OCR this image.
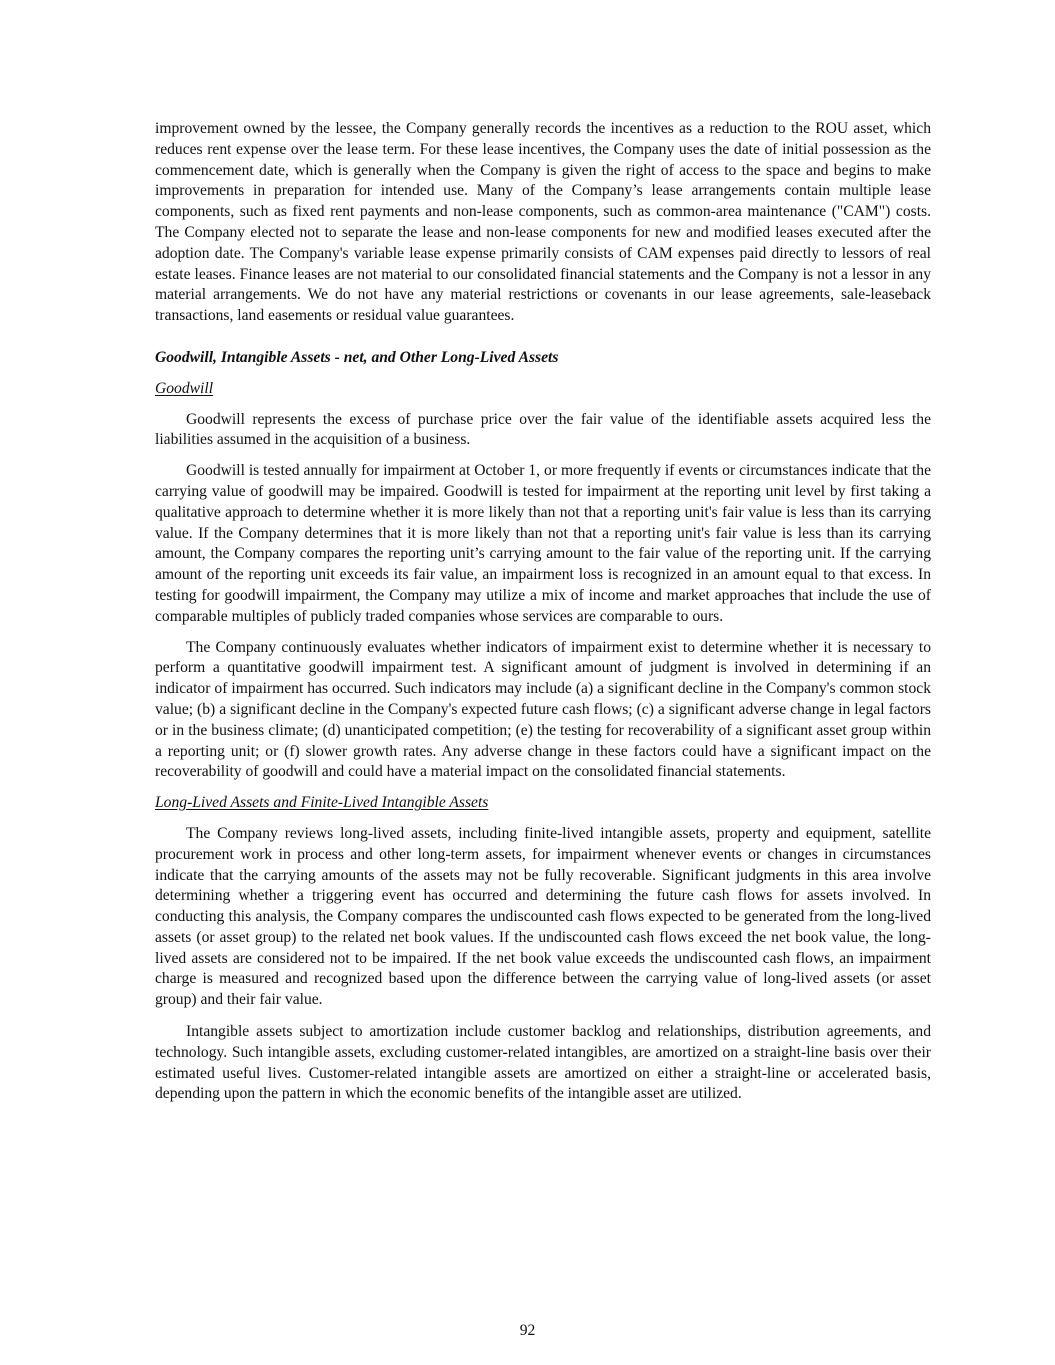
improvement owned by the lessee, the Company generally records the incentives as a reduction to the ROU asset, which reduces rent expense over the lease term. For these lease incentives, the Company uses the date of initial possession as the commencement date, which is generally when the Company is given the right of access to the space and begins to make improvements in preparation for intended use. Many of the Company’s lease arrangements contain multiple lease components, such as fixed rent payments and non-lease components, such as common-area maintenance ("CAM") costs. The Company elected not to separate the lease and non-lease components for new and modified leases executed after the adoption date. The Company's variable lease expense primarily consists of CAM expenses paid directly to lessors of real estate leases. Finance leases are not material to our consolidated financial statements and the Company is not a lessor in any material arrangements. We do not have any material restrictions or covenants in our lease agreements, sale-leaseback transactions, land easements or residual value guarantees.

Goodwill, Intangible Assets - net, and Other Long-Lived Assets

Goodwill

Goodwill represents the excess of purchase price over the fair value of the identifiable assets acquired less the liabilities assumed in the acquisition of a business.

Goodwill is tested annually for impairment at October 1, or more frequently if events or circumstances indicate that the carrying value of goodwill may be impaired. Goodwill is tested for impairment at the reporting unit level by first taking a qualitative approach to determine whether it is more likely than not that a reporting unit's fair value is less than its carrying value. If the Company determines that it is more likely than not that a reporting unit's fair value is less than its carrying amount, the Company compares the reporting unit’s carrying amount to the fair value of the reporting unit. If the carrying amount of the reporting unit exceeds its fair value, an impairment loss is recognized in an amount equal to that excess. In testing for goodwill impairment, the Company may utilize a mix of income and market approaches that include the use of comparable multiples of publicly traded companies whose services are comparable to ours.

The Company continuously evaluates whether indicators of impairment exist to determine whether it is necessary to perform a quantitative goodwill impairment test. A significant amount of judgment is involved in determining if an indicator of impairment has occurred. Such indicators may include (a) a significant decline in the Company's common stock value; (b) a significant decline in the Company's expected future cash flows; (c) a significant adverse change in legal factors or in the business climate; (d) unanticipated competition; (e) the testing for recoverability of a significant asset group within a reporting unit; or (f) slower growth rates. Any adverse change in these factors could have a significant impact on the recoverability of goodwill and could have a material impact on the consolidated financial statements.

Long-Lived Assets and Finite-Lived Intangible Assets

The Company reviews long-lived assets, including finite-lived intangible assets, property and equipment, satellite procurement work in process and other long-term assets, for impairment whenever events or changes in circumstances indicate that the carrying amounts of the assets may not be fully recoverable. Significant judgments in this area involve determining whether a triggering event has occurred and determining the future cash flows for assets involved. In conducting this analysis, the Company compares the undiscounted cash flows expected to be generated from the long-lived assets (or asset group) to the related net book values. If the undiscounted cash flows exceed the net book value, the long-lived assets are considered not to be impaired. If the net book value exceeds the undiscounted cash flows, an impairment charge is measured and recognized based upon the difference between the carrying value of long-lived assets (or asset group) and their fair value.

Intangible assets subject to amortization include customer backlog and relationships, distribution agreements, and technology. Such intangible assets, excluding customer-related intangibles, are amortized on a straight-line basis over their estimated useful lives. Customer-related intangible assets are amortized on either a straight-line or accelerated basis, depending upon the pattern in which the economic benefits of the intangible asset are utilized.

92
